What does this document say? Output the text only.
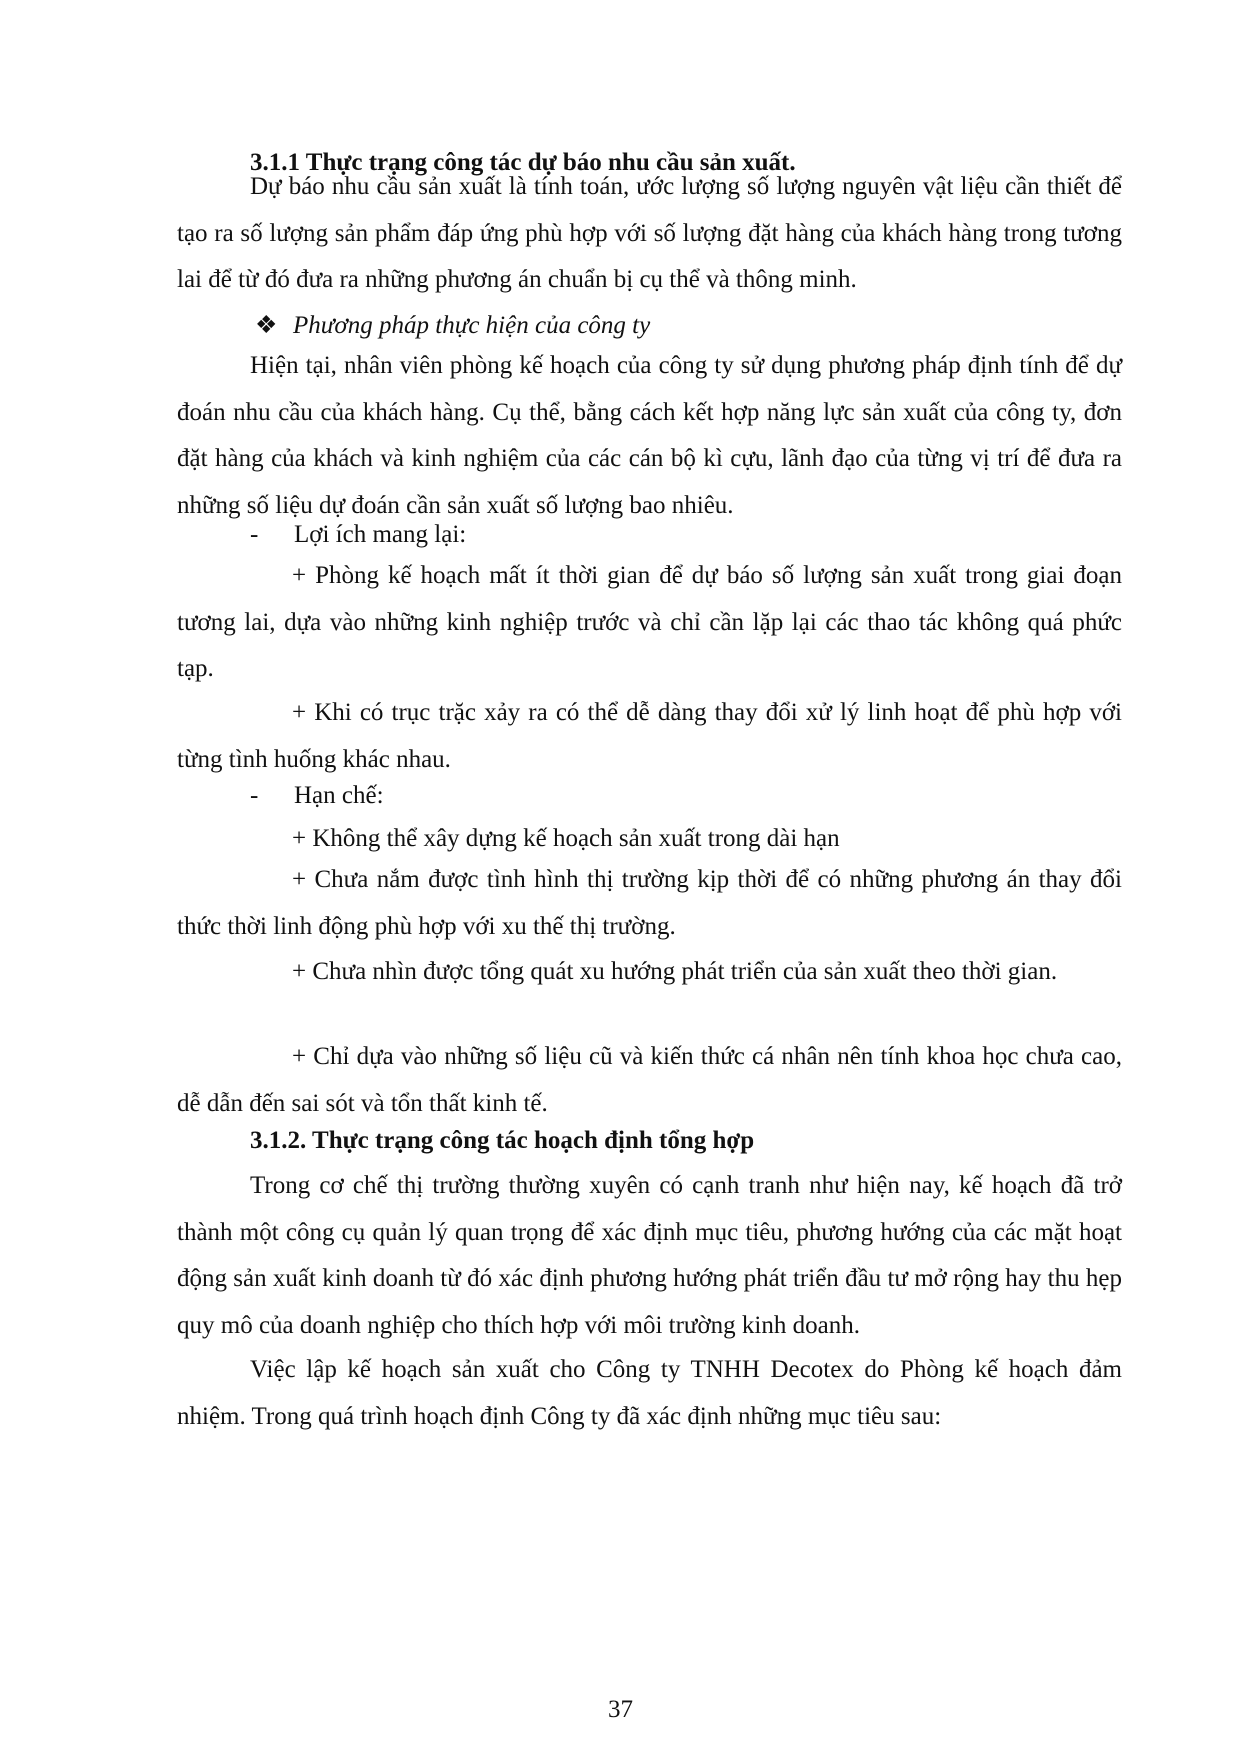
3.1.1 Thực trạng công tác dự báo nhu cầu sản xuất.

Dự báo nhu cầu sản xuất là tính toán, ước lượng số lượng nguyên vật liệu cần thiết để tạo ra số lượng sản phẩm đáp ứng phù hợp với số lượng đặt hàng của khách hàng trong tương lai để từ đó đưa ra những phương án chuẩn bị cụ thể và thông minh.

❖ Phương pháp thực hiện của công ty

Hiện tại, nhân viên phòng kế hoạch của công ty sử dụng phương pháp định tính để dự đoán nhu cầu của khách hàng. Cụ thể, bằng cách kết hợp năng lực sản xuất của công ty, đơn đặt hàng của khách và kinh nghiệm của các cán bộ kì cựu, lãnh đạo của từng vị trí để đưa ra những số liệu dự đoán cần sản xuất số lượng bao nhiêu.

- Lợi ích mang lại:

+ Phòng kế hoạch mất ít thời gian để dự báo số lượng sản xuất trong giai đoạn tương lai, dựa vào những kinh nghiệp trước và chỉ cần lặp lại các thao tác không quá phức tạp.

+ Khi có trục trặc xảy ra có thể dễ dàng thay đổi xử lý linh hoạt để phù hợp với từng tình huống khác nhau.

- Hạn chế:

+ Không thể xây dựng kế hoạch sản xuất trong dài hạn

+ Chưa nắm được tình hình thị trường kịp thời để có những phương án thay đổi thức thời linh động phù hợp với xu thế thị trường.

+ Chưa nhìn được tổng quát xu hướng phát triển của sản xuất theo thời gian.

+ Chỉ dựa vào những số liệu cũ và kiến thức cá nhân nên tính khoa học chưa cao, dễ dẫn đến sai sót và tổn thất kinh tế.

3.1.2. Thực trạng công tác hoạch định tổng hợp

Trong cơ chế thị trường thường xuyên có cạnh tranh như hiện nay, kế hoạch đã trở thành một công cụ quản lý quan trọng để xác định mục tiêu, phương hướng của các mặt hoạt động sản xuất kinh doanh từ đó xác định phương hướng phát triển đầu tư mở rộng hay thu hẹp quy mô của doanh nghiệp cho thích hợp với môi trường kinh doanh.

Việc lập kế hoạch sản xuất cho Công ty TNHH Decotex do Phòng kế hoạch đảm nhiệm. Trong quá trình hoạch định Công ty đã xác định những mục tiêu sau:

37
